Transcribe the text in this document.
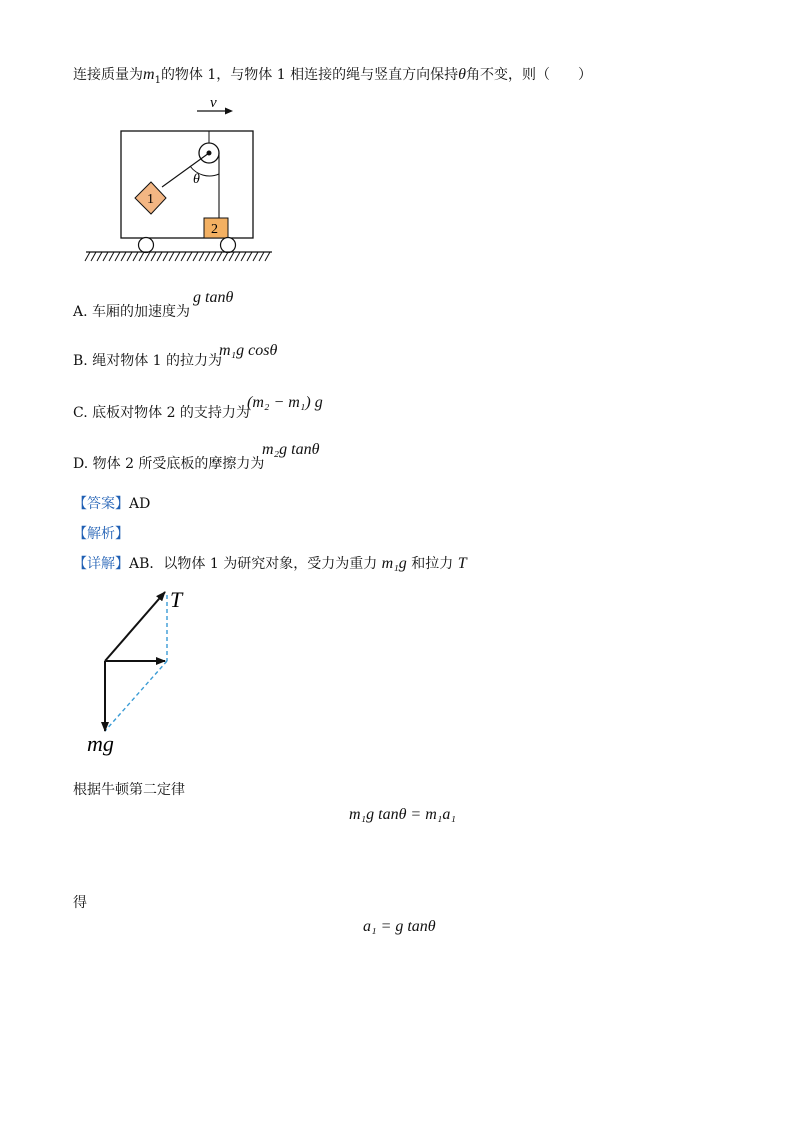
连接质量为$m_1$的物体 1，与物体 1 相连接的绳与竖直方向保持θ角不变，则（　　）
v
θ
1
2
A. 车厢的加速度为
g tanθ
B. 绳对物体 1 的拉力为
m₁g cosθ
C. 底板对物体 2 的支持力为
(m₂ − m₁) g
D. 物体 2 所受底板的摩擦力为
m₂g tanθ
【答案】AD
【解析】
【详解】AB．以物体 1 为研究对象，受力为重力 m₁g 和拉力 T
T
mg
根据牛顿第二定律
m₁g tanθ = m₁a₁
得
a₁ = g tanθ
